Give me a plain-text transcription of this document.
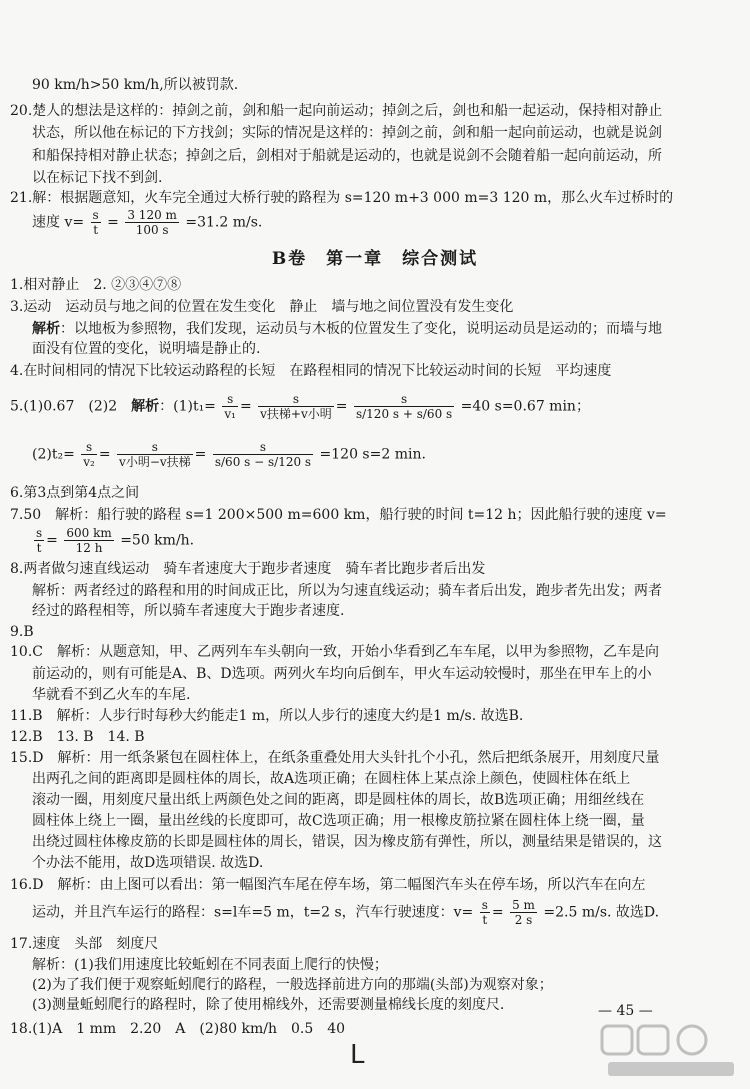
90 km/h>50 km/h,所以被罚款.
20.楚人的想法是这样的：掉剑之前，剑和船一起向前运动；掉剑之后，剑也和船一起运动，保持相对静止
状态，所以他在标记的下方找剑；实际的情况是这样的：掉剑之前，剑和船一起向前运动，也就是说剑
和船保持相对静止状态；掉剑之后，剑相对于船就是运动的，也就是说剑不会随着船一起向前运动，所
以在标记下找不到剑.
21.解：根据题意知，火车完全通过大桥行驶的路程为 s=120 m+3 000 m=3 120 m，那么火车过桥时的
速度 $v= \frac{s}{t} = \frac{3 120 m}{100 s} =31.2$ m/s.
B卷　第一章　综合测试
1.相对静止　2. ②③④⑦⑧
3.运动　运动员与地之间的位置在发生变化　静止　墙与地之间位置没有发生变化
解析：以地板为参照物，我们发现，运动员与木板的位置发生了变化，说明运动员是运动的；而墙与地
面没有位置的变化，说明墙是静止的.
4.在时间相同的情况下比较运动路程的长短　在路程相同的情况下比较运动时间的长短　平均速度
5.(1)0.67　(2)2　解析：$(1)t_1= \frac{s}{\text{v₁}} = \frac{s}{\text{v扶梯+v小明}} = \frac{s}{s/120 s + s/60 s} =40$ s=0.67 min；
$(2)t_2= \frac{s}{\text{v₂}} = \frac{s}{\text{v小明−v扶梯}} = \frac{s}{s/60 s - s/120 s} =120$ s=2 min.
6.第3点到第4点之间
7.50　解析：船行驶的路程 s=1 200×500 m=600 km，船行驶的时间 t=12 h；因此船行驶的速度 v=
$\frac{s}{t} = \frac{600 km}{12 h} =50$ km/h.
8.两者做匀速直线运动　骑车者速度大于跑步者速度　骑车者比跑步者后出发
解析：两者经过的路程和用的时间成正比，所以为匀速直线运动；骑车者后出发，跑步者先出发；两者
经过的路程相等，所以骑车者速度大于跑步者速度.
9.B
10.C　解析：从题意知，甲、乙两列车车头朝向一致，开始小华看到乙车车尾，以甲为参照物，乙车是向
前运动的，则有可能是A、B、D选项。两列火车均向后倒车，甲火车运动较慢时，那坐在甲车上的小
华就看不到乙火车的车尾.
11.B　解析：人步行时每秒大约能走1 m，所以人步行的速度大约是1 m/s. 故选B.
12.B　13. B　14. B
15.D　解析：用一纸条紧包在圆柱体上，在纸条重叠处用大头针扎个小孔，然后把纸条展开，用刻度尺量
出两孔之间的距离即是圆柱体的周长，故A选项正确；在圆柱体上某点涂上颜色，使圆柱体在纸上
滚动一圈，用刻度尺量出纸上两颜色处之间的距离，即是圆柱体的周长，故B选项正确；用细丝线在
圆柱体上绕上一圈，量出丝线的长度即可，故C选项正确；用一根橡皮筋拉紧在圆柱体上绕一圈，量
出绕过圆柱体橡皮筋的长即是圆柱体的周长，错误，因为橡皮筋有弹性，所以，测量结果是错误的，这
个办法不能用，故D选项错误. 故选D.
16.D　解析：由上图可以看出：第一幅图汽车尾在停车场，第二幅图汽车头在停车场，所以汽车在向左
运动，并且汽车运行的路程：s=l车=5 m，t=2 s，汽车行驶速度：$v= \frac{s}{t} = \frac{5 m}{2 s} =2.5$ m/s. 故选D.
17.速度　头部　刻度尺
解析：(1)我们用速度比较蚯蚓在不同表面上爬行的快慢；
(2)为了我们便于观察蚯蚓爬行的路程，一般选择前进方向的那端(头部)为观察对象；
(3)测量蚯蚓爬行的路程时，除了使用棉线外，还需要测量棉线长度的刻度尺.
18.(1)A　1 mm　2.20　A　(2)80 km/h　0.5　40
— 45 —
L
